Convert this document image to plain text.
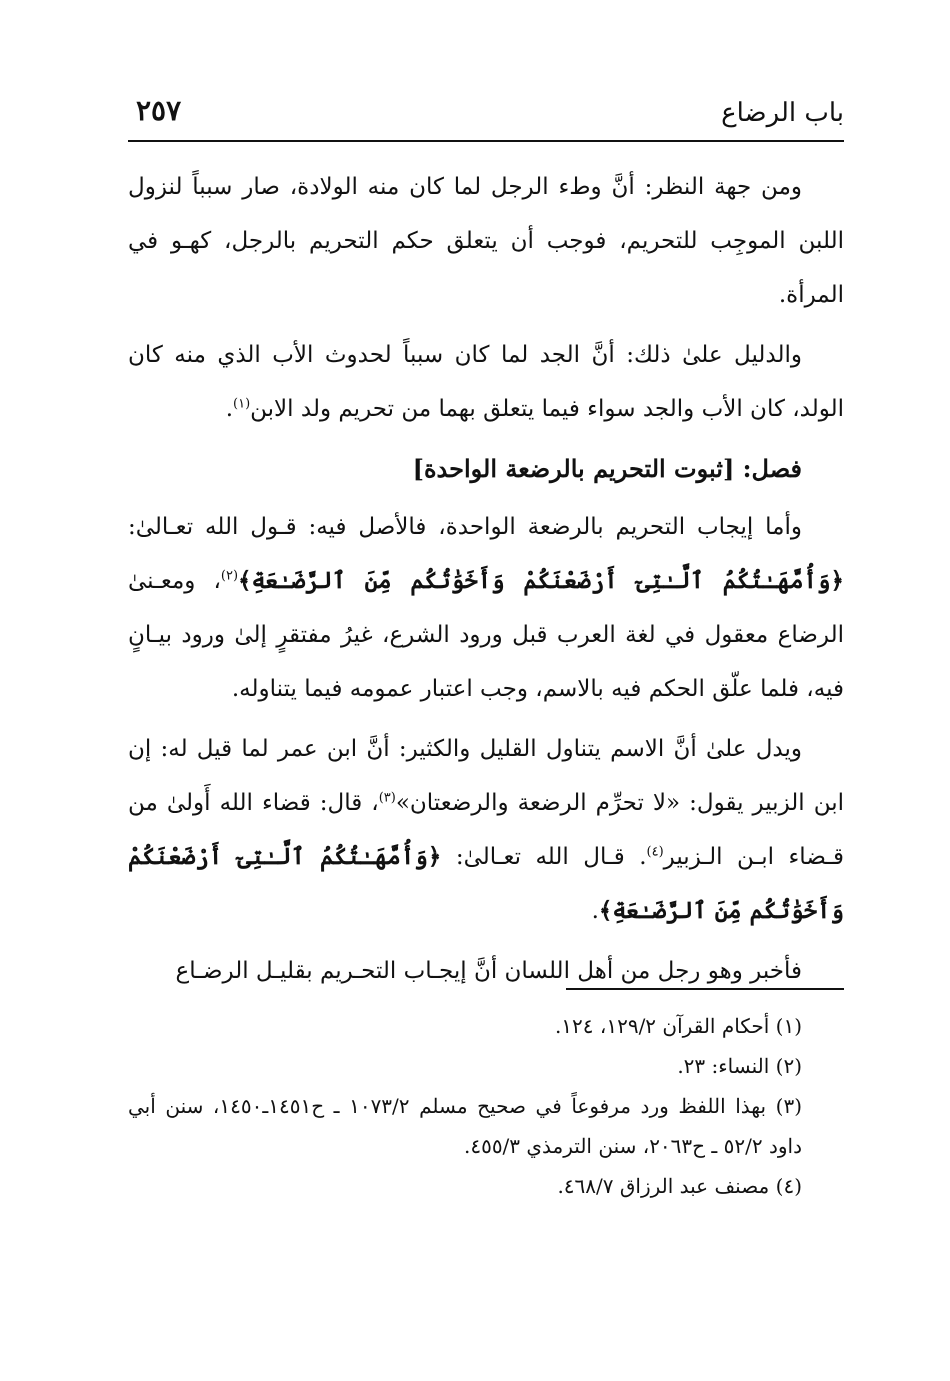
باب الرضاع
٢٥٧

ومن جهة النظر: أنَّ وطء الرجل لما كان منه الولادة، صار سبباً لنزول اللبن الموجِب للتحريم، فوجب أن يتعلق حكم التحريم بالرجل، كهـو في المرأة.

والدليل علىٰ ذلك: أنَّ الجد لما كان سبباً لحدوث الأب الذي منه كان الولد، كان الأب والجد سواء فيما يتعلق بهما من تحريم ولد الابن$^{(١)}$.

فصل: [ثبوت التحريم بالرضعة الواحدة]

وأما إيجاب التحريم بالرضعة الواحدة، فالأصل فيه: قـول الله تعـالىٰ: ﴿وَأُمَّهَـٰتُكُمُ ٱلَّـٰتِىٓ أَرْضَعْنَكُمْ وَأَخَوَٰتُكُم مِّنَ ٱلرَّضَـٰعَةِ﴾$^{(٢)}$، ومعـنىٰ الرضاع معقول في لغة العرب قبل ورود الشرع، غيرُ مفتقرٍ إلىٰ ورود بيـانٍ فيه، فلما علّق الحكم فيه بالاسم، وجب اعتبار عمومه فيما يتناوله.

ويدل علىٰ أنَّ الاسم يتناول القليل والكثير: أنَّ ابن عمر لما قيل له: إن ابن الزبير يقول: «لا تحرِّم الرضعة والرضعتان»$^{(٣)}$، قال: قضاء الله أَولىٰ من قـضاء ابـن الـزبير$^{(٤)}$. قـال الله تعـالىٰ: ﴿وَأُمَّهَـٰتُكُمُ ٱلَّـٰتِىٓ أَرْضَعْنَكُمْ وَأَخَوَٰتُكُم مِّنَ ٱلرَّضَـٰعَةِ﴾.

فأخبر وهو رجل من أهل اللسان أنَّ إيجـاب التحـريم بقليـل الرضـاع

(١) أحكام القرآن ١٢٩/٢، ١٢٤.
(٢) النساء: ٢٣.
(٣) بهذا اللفظ ورد مرفوعاً في صحيح مسلم ١٠٧٣/٢ ـ ح١٤٥١ـ١٤٥٠، سنن أبي داود ٥٢/٢ ـ ح٢٠٦٣، سنن الترمذي ٤٥٥/٣.
(٤) مصنف عبد الرزاق ٤٦٨/٧.
